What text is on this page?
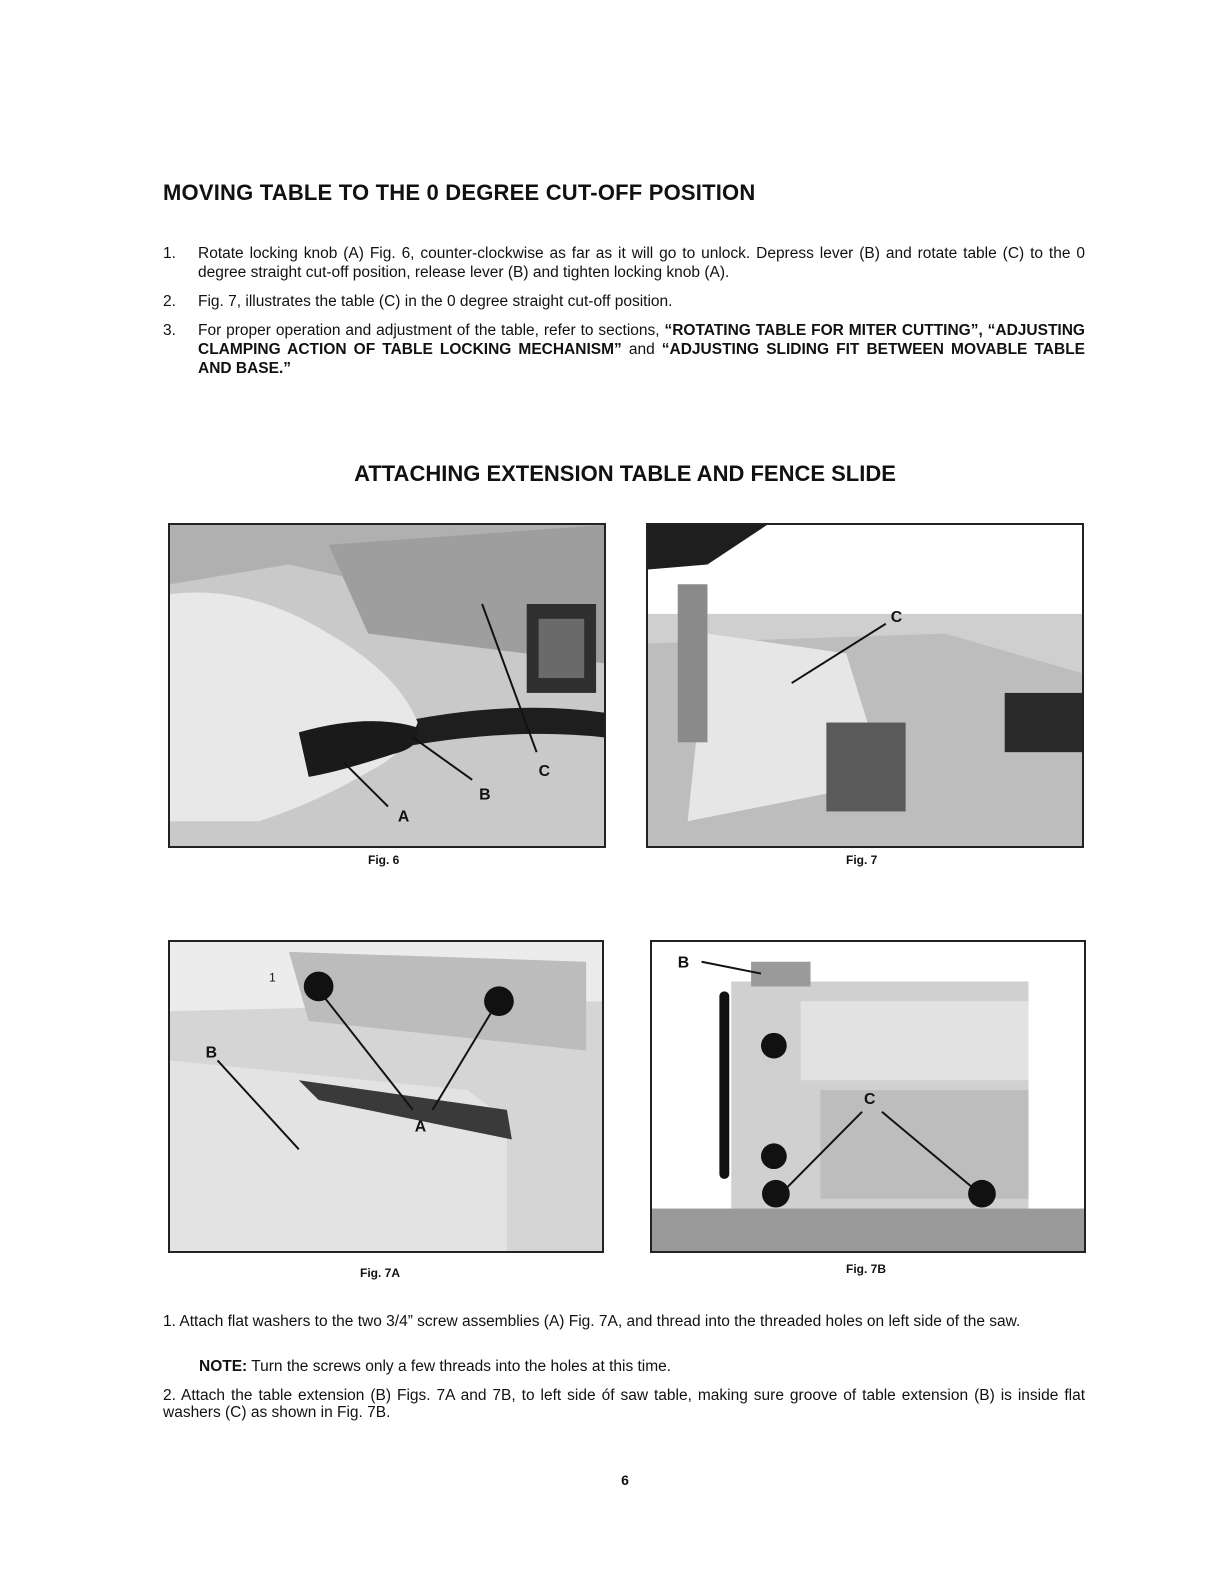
MOVING TABLE TO THE 0 DEGREE CUT-OFF POSITION
1.	Rotate locking knob (A) Fig. 6, counter-clockwise as far as it will go to unlock. Depress lever (B) and rotate table (C) to the 0 degree straight cut-off position, release lever (B) and tighten locking knob (A).
2.	Fig. 7, illustrates the table (C) in the 0 degree straight cut-off position.
3.	For proper operation and adjustment of the table, refer to sections, “ROTATING TABLE FOR MITER CUTTING”, “ADJUSTING CLAMPING ACTION OF TABLE LOCKING MECHANISM” and “ADJUSTING SLIDING FIT BETWEEN MOVABLE TABLE AND BASE.”
ATTACHING EXTENSION TABLE AND FENCE SLIDE
A
B
C
Fig. 6
C
Fig. 7
B
A
1
Fig. 7A
B
C
Fig. 7B
1. Attach flat washers to the two 3/4” screw assemblies (A) Fig. 7A, and thread into the threaded holes on left side of the saw.
NOTE: Turn the screws only a few threads into the holes at this time.
2. Attach the table extension (B) Figs. 7A and 7B, to left side óf saw table, making sure groove of table extension (B) is inside flat washers (C) as shown in Fig. 7B.
6
